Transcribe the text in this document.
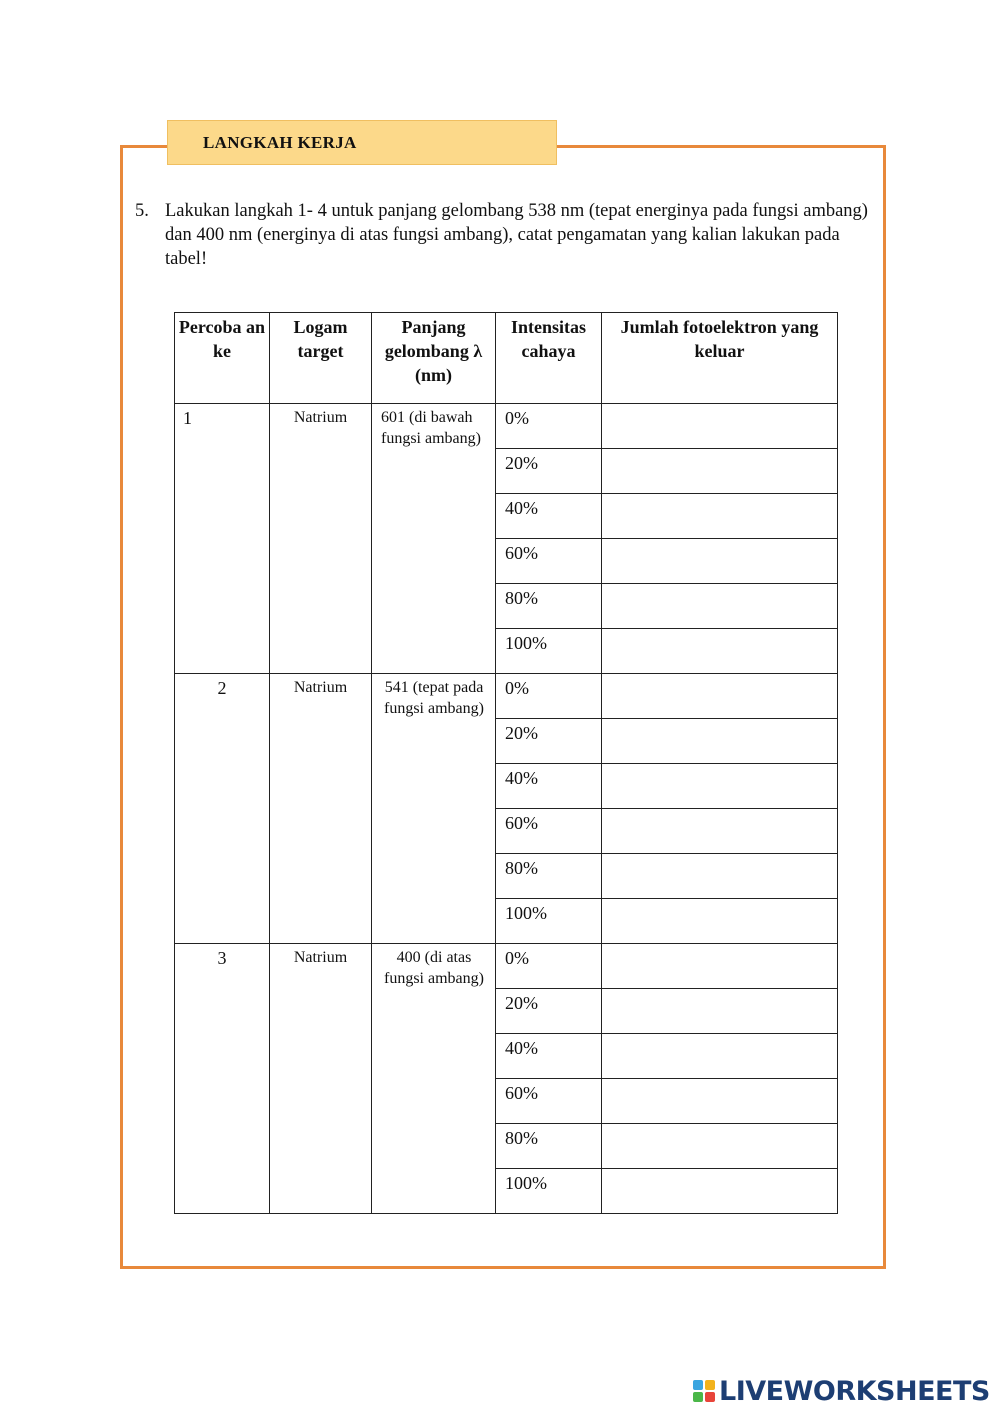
LANGKAH KERJA
5. Lakukan langkah 1- 4 untuk panjang gelombang 538 nm (tepat energinya pada fungsi ambang) dan 400 nm (energinya di atas fungsi ambang), catat pengamatan yang kalian lakukan pada tabel!
Percoba an ke	Logam target	Panjang gelombang λ (nm)	Intensitas cahaya	Jumlah fotoelektron yang keluar
1	Natrium	601 (di bawah fungsi ambang)	0%	
			20%	
			40%	
			60%	
			80%	
			100%	
2	Natrium	541 (tepat pada fungsi ambang)	0%	
			20%	
			40%	
			60%	
			80%	
			100%	
3	Natrium	400 (di atas fungsi ambang)	0%	
			20%	
			40%	
			60%	
			80%	
			100%	
LIVEWORKSHEETS
